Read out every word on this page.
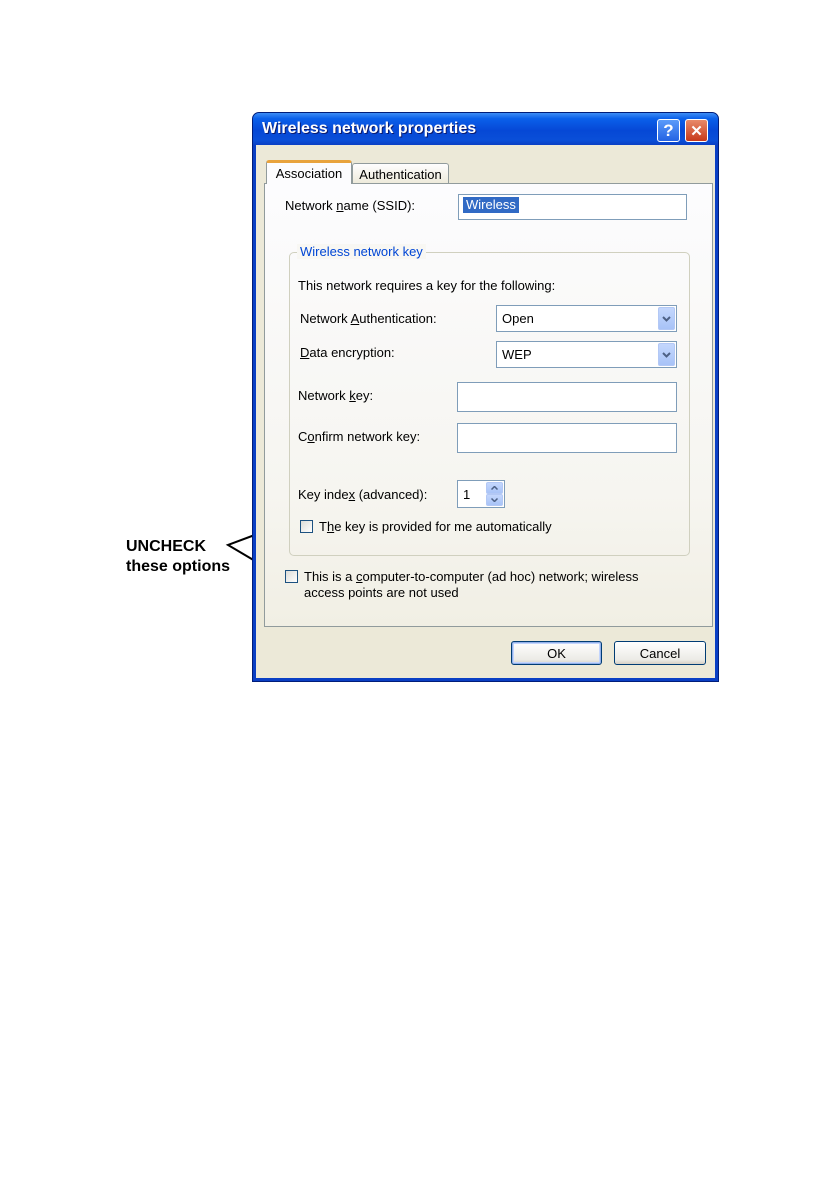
UNCHECK
these options
Wireless network properties	? ✕
Association Authentication
Network name (SSID):	Wireless
Wireless network key
This network requires a key for the following:
Network Authentication:	Open
Data encryption:	WEP
Network key:
Confirm network key:
Key index (advanced):	1
The key is provided for me automatically
This is a computer-to-computer (ad hoc) network; wireless
access points are not used
OK	Cancel
